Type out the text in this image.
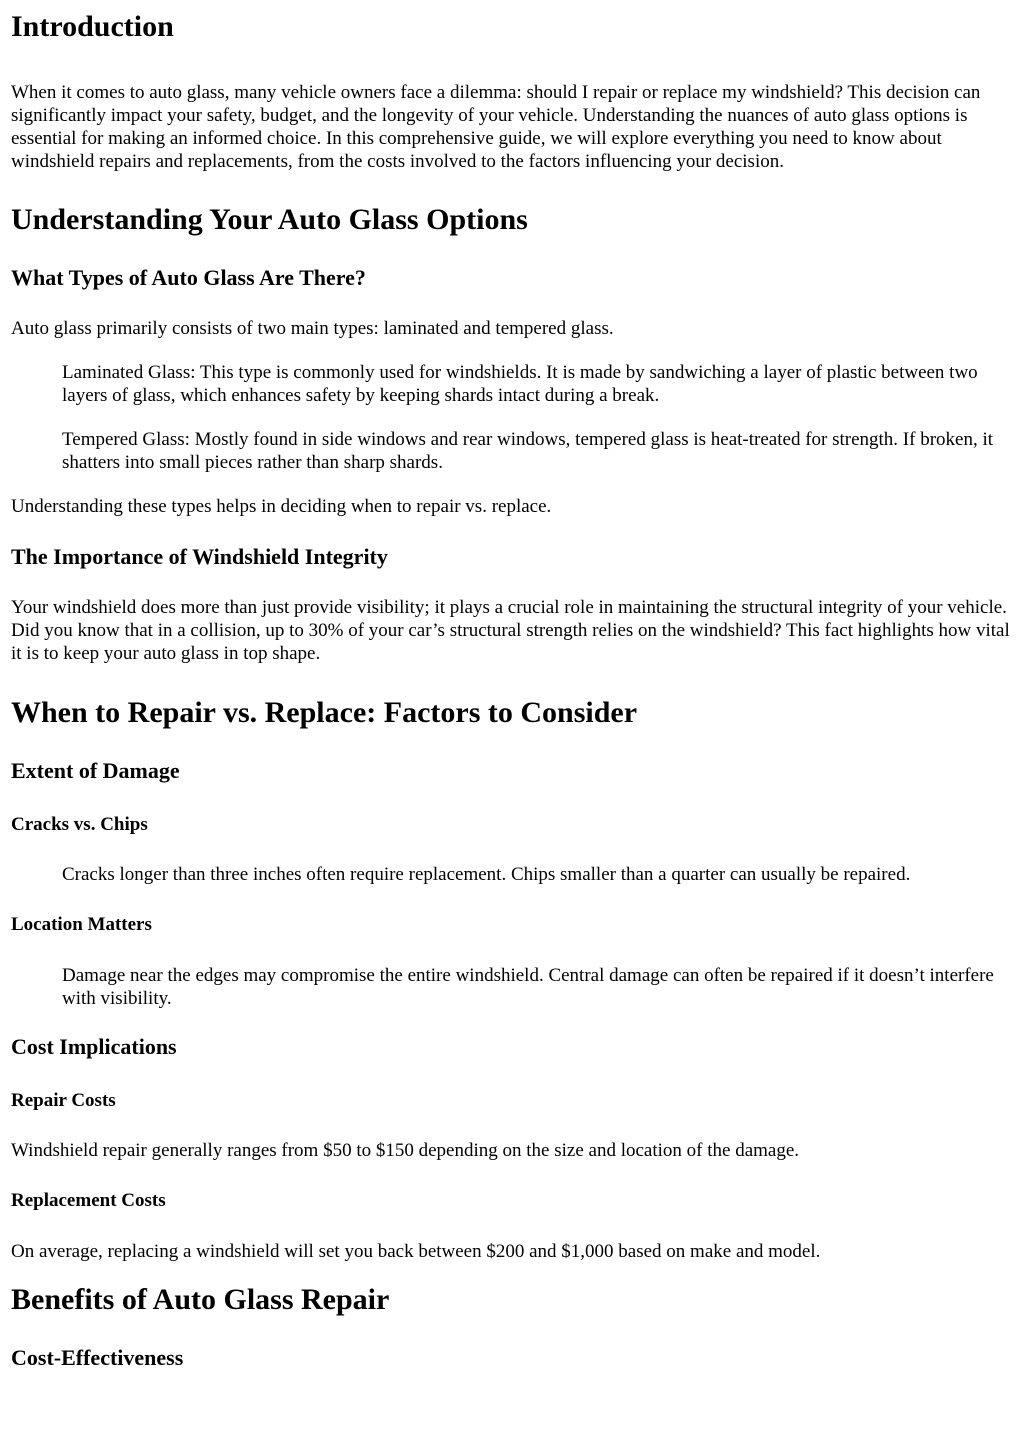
Introduction

When it comes to auto glass, many vehicle owners face a dilemma: should I repair or replace my windshield? This decision can significantly impact your safety, budget, and the longevity of your vehicle. Understanding the nuances of auto glass options is essential for making an informed choice. In this comprehensive guide, we will explore everything you need to know about windshield repairs and replacements, from the costs involved to the factors influencing your decision.

Understanding Your Auto Glass Options
What Types of Auto Glass Are There?

Auto glass primarily consists of two main types: laminated and tempered glass.

Laminated Glass: This type is commonly used for windshields. It is made by sandwiching a layer of plastic between two layers of glass, which enhances safety by keeping shards intact during a break.
Tempered Glass: Mostly found in side windows and rear windows, tempered glass is heat-treated for strength. If broken, it shatters into small pieces rather than sharp shards.

Understanding these types helps in deciding when to repair vs. replace.

The Importance of Windshield Integrity

Your windshield does more than just provide visibility; it plays a crucial role in maintaining the structural integrity of your vehicle. Did you know that in a collision, up to 30% of your car’s structural strength relies on the windshield? This fact highlights how vital it is to keep your auto glass in top shape.

When to Repair vs. Replace: Factors to Consider
Extent of Damage
Cracks vs. Chips
Cracks longer than three inches often require replacement. Chips smaller than a quarter can usually be repaired.
Location Matters
Damage near the edges may compromise the entire windshield. Central damage can often be repaired if it doesn’t interfere with visibility.
Cost Implications
Repair Costs

Windshield repair generally ranges from $50 to $150 depending on the size and location of the damage.

Replacement Costs

On average, replacing a windshield will set you back between $200 and $1,000 based on make and model.

Benefits of Auto Glass Repair
Cost-Effectiveness
